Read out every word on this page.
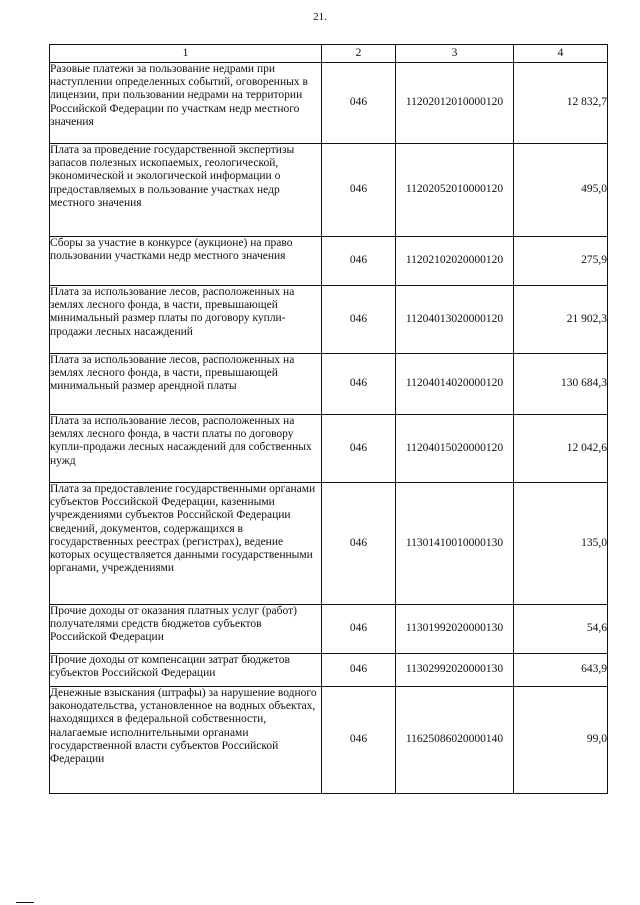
21.
1	2	3	4
Разовые платежи за пользование недрами при наступлении определенных событий, оговоренных в лицензии, при пользовании недрами на территории Российской Федерации по участкам недр местного значения	046	11202012010000120	12 832,7
Плата за проведение государственной экспертизы запасов полезных ископаемых, геологической, экономической и экологической информации о предоставляемых в пользование участках недр местного значения	046	11202052010000120	495,0
Сборы за участие в конкурсе (аукционе) на право пользовании участками недр местного значения	046	11202102020000120	275,9
Плата за использование лесов, расположенных на землях лесного фонда, в части, превышающей минимальный размер платы по договору купли-продажи лесных насаждений	046	11204013020000120	21 902,3
Плата за использование лесов, расположенных на землях лесного фонда, в части, превышающей минимальный размер арендной платы	046	11204014020000120	130 684,3
Плата за использование лесов, расположенных на землях лесного фонда, в части платы по договору купли-продажи лесных насаждений для собственных нужд	046	11204015020000120	12 042,6
Плата за предоставление государственными органами субъектов Российской Федерации, казенными учреждениями субъектов Российской Федерации сведений, документов, содержащихся в государственных реестрах (регистрах), ведение которых осуществляется данными государственными органами, учреждениями	046	11301410010000130	135,0
Прочие доходы от оказания платных услуг (работ) получателями средств бюджетов субъектов Российской Федерации	046	11301992020000130	54,6
Прочие доходы от компенсации затрат бюджетов субъектов Российской Федерации	046	11302992020000130	643,9
Денежные взыскания (штрафы) за нарушение водного законодательства, установленное на водных объектах, находящихся в федеральной собственности, налагаемые исполнительными органами государственной власти субъектов Российской Федерации	046	11625086020000140	99,0
